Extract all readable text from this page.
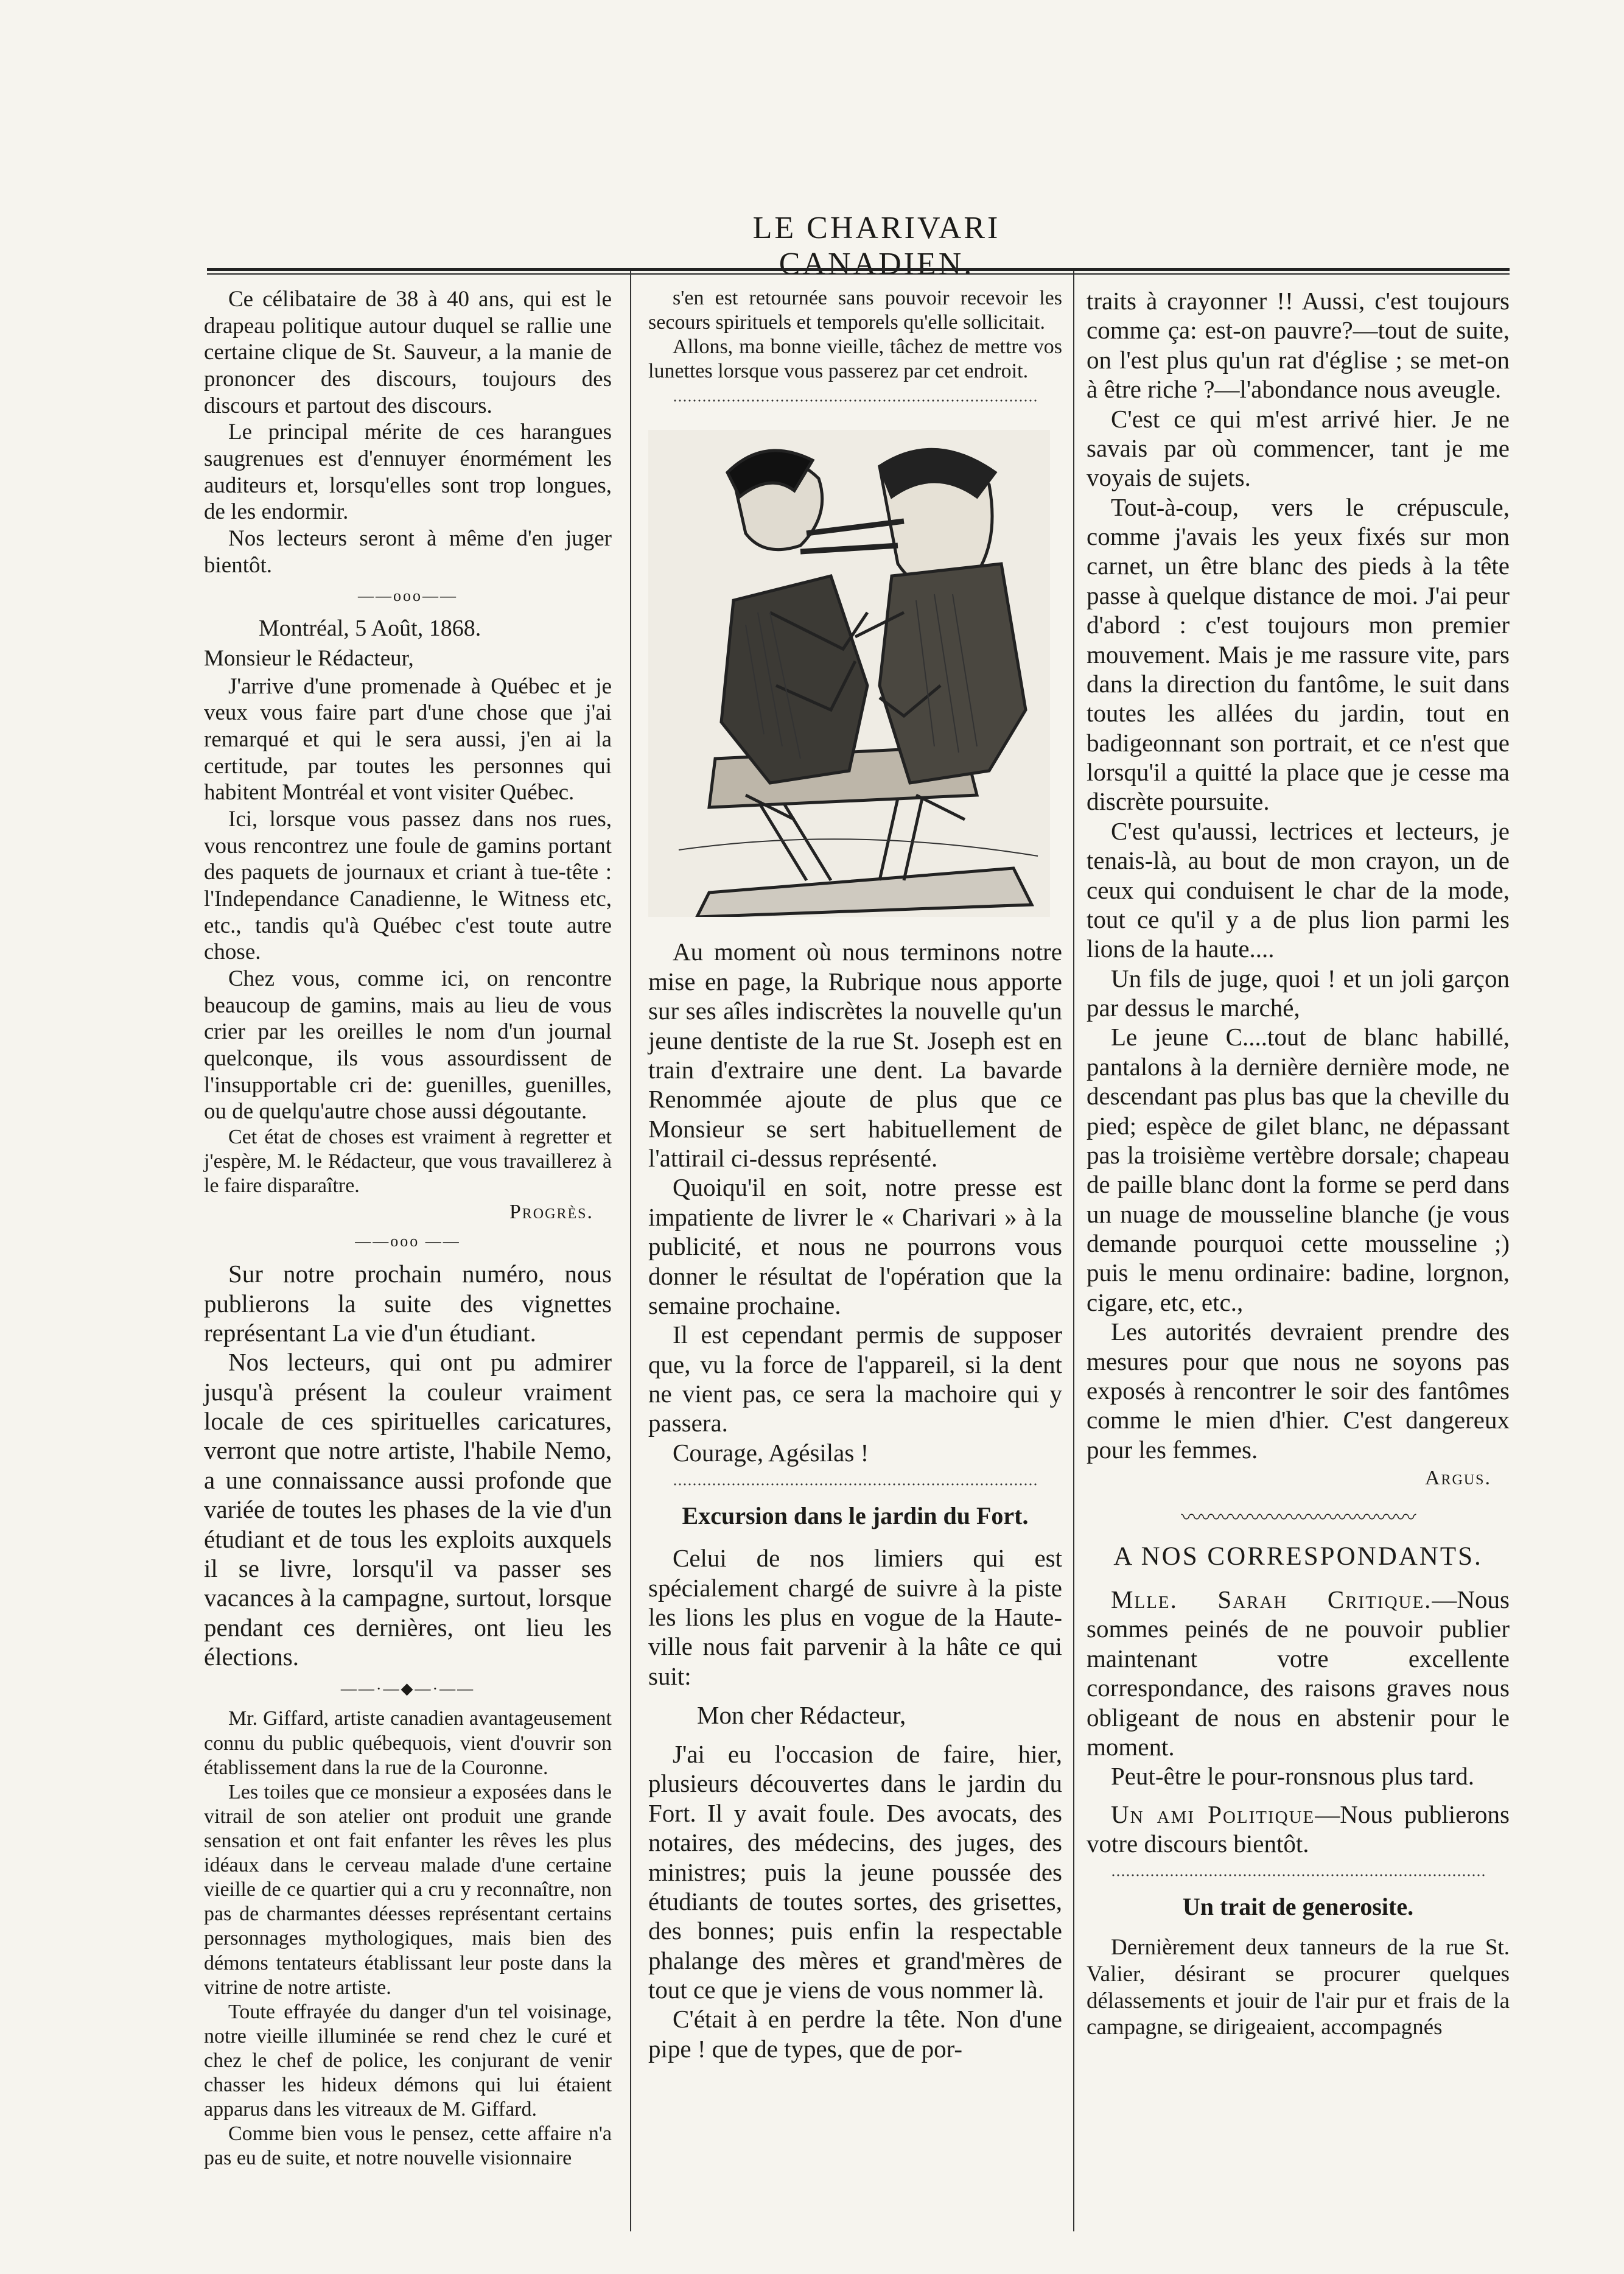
LE CHARIVARI CANADIEN.

Ce célibataire de 38 à 40 ans, qui est le drapeau politique autour duquel se rallie une certaine clique de St. Sauveur, a la manie de prononcer des discours, toujours des discours et partout des discours.

Le principal mérite de ces harangues saugrenues est d'ennuyer énormément les auditeurs et, lorsqu'elles sont trop longues, de les endormir.

Nos lecteurs seront à même d'en juger bientôt.

——ooo——

Montréal, 5 Août, 1868.

Monsieur le Rédacteur,

J'arrive d'une promenade à Québec et je veux vous faire part d'une chose que j'ai remarqué et qui le sera aussi, j'en ai la certitude, par toutes les personnes qui habitent Montréal et vont visiter Québec.

Ici, lorsque vous passez dans nos rues, vous rencontrez une foule de gamins portant des paquets de journaux et criant à tue-tête : l'Independance Canadienne, le Witness etc, etc., tandis qu'à Québec c'est toute autre chose.

Chez vous, comme ici, on rencontre beaucoup de gamins, mais au lieu de vous crier par les oreilles le nom d'un journal quelconque, ils vous assourdissent de l'insupportable cri de: guenilles, guenilles, ou de quelqu'autre chose aussi dégoutante.

Cet état de choses est vraiment à regretter et j'espère, M. le Rédacteur, que vous travaillerez à le faire disparaître.

Progrès.
——ooo ——

Sur notre prochain numéro, nous publierons la suite des vignettes représentant La vie d'un étudiant.

Nos lecteurs, qui ont pu admirer jusqu'à présent la couleur vraiment locale de ces spirituelles caricatures, verront que notre artiste, l'habile Nemo, a une connaissance aussi profonde que variée de toutes les phases de la vie d'un étudiant et de tous les exploits auxquels il se livre, lorsqu'il va passer ses vacances à la campagne, surtout, lorsque pendant ces dernières, ont lieu les élections.

——·—◆—·——

Mr. Giffard, artiste canadien avantageusement connu du public québequois, vient d'ouvrir son établissement dans la rue de la Couronne.

Les toiles que ce monsieur a exposées dans le vitrail de son atelier ont produit une grande sensation et ont fait enfanter les rêves les plus idéaux dans le cerveau malade d'une certaine vieille de ce quartier qui a cru y reconnaître, non pas de charmantes déesses représentant certains personnages mythologiques, mais bien des démons tentateurs établissant leur poste dans la vitrine de notre artiste.

Toute effrayée du danger d'un tel voisinage, notre vieille illuminée se rend chez le curé et chez le chef de police, les conjurant de venir chasser les hideux démons qui lui étaient apparus dans les vitreaux de M. Giffard.

Comme bien vous le pensez, cette affaire n'a pas eu de suite, et notre nouvelle visionnaire

s'en est retournée sans pouvoir recevoir les secours spirituels et temporels qu'elle sollicitait.

Allons, ma bonne vieille, tâchez de mettre vos lunettes lorsque vous passerez par cet endroit.

Au moment où nous terminons notre mise en page, la Rubrique nous apporte sur ses aîles indiscrètes la nouvelle qu'un jeune dentiste de la rue St. Joseph est en train d'extraire une dent. La bavarde Renommée ajoute de plus que ce Monsieur se sert habituellement de l'attirail ci-dessus représenté.

Quoiqu'il en soit, notre presse est impatiente de livrer le « Charivari » à la publicité, et nous ne pourrons vous donner le résultat de l'opération que la semaine prochaine.

Il est cependant permis de supposer que, vu la force de l'appareil, si la dent ne vient pas, ce sera la machoire qui y passera.

Courage, Agésilas !

Excursion dans le jardin du Fort.

Celui de nos limiers qui est spécialement chargé de suivre à la piste les lions les plus en vogue de la Haute-ville nous fait parvenir à la hâte ce qui suit:

Mon cher Rédacteur,

J'ai eu l'occasion de faire, hier, plusieurs découvertes dans le jardin du Fort. Il y avait foule. Des avocats, des notaires, des médecins, des juges, des ministres; puis la jeune poussée des étudiants de toutes sortes, des grisettes, des bonnes; puis enfin la respectable phalange des mères et grand'mères de tout ce que je viens de vous nommer là.

C'était à en perdre la tête. Non d'une pipe ! que de types, que de por-

traits à crayonner !! Aussi, c'est toujours comme ça: est-on pauvre?—tout de suite, on l'est plus qu'un rat d'église ; se met-on à être riche ?—l'abondance nous aveugle.

C'est ce qui m'est arrivé hier. Je ne savais par où commencer, tant je me voyais de sujets.

Tout-à-coup, vers le crépuscule, comme j'avais les yeux fixés sur mon carnet, un être blanc des pieds à la tête passe à quelque distance de moi. J'ai peur d'abord : c'est toujours mon premier mouvement. Mais je me rassure vite, pars dans la direction du fantôme, le suit dans toutes les allées du jardin, tout en badigeonnant son portrait, et ce n'est que lorsqu'il a quitté la place que je cesse ma discrète poursuite.

C'est qu'aussi, lectrices et lecteurs, je tenais-là, au bout de mon crayon, un de ceux qui conduisent le char de la mode, tout ce qu'il y a de plus lion parmi les lions de la haute....

Un fils de juge, quoi ! et un joli garçon par dessus le marché,

Le jeune C....tout de blanc habillé, pantalons à la dernière dernière mode, ne descendant pas plus bas que la cheville du pied; espèce de gilet blanc, ne dépassant pas la troisième vertèbre dorsale; chapeau de paille blanc dont la forme se perd dans un nuage de mousseline blanche (je vous demande pourquoi cette mousseline ;) puis le menu ordinaire: badine, lorgnon, cigare, etc, etc.,

Les autorités devraient prendre des mesures pour que nous ne soyons pas exposés à rencontrer le soir des fantômes comme le mien d'hier. C'est dangereux pour les femmes.

Argus.
〰〰〰〰〰〰〰〰〰〰〰〰
A NOS CORRESPONDANTS.

Mlle. Sarah Critique.—Nous sommes peinés de ne pouvoir publier maintenant votre excellente correspondance, des raisons graves nous obligeant de nous en abstenir pour le moment.

Peut-être le pour-ronsnous plus tard.

Un ami Politique—Nous publierons votre discours bientôt.

Un trait de generosite.

Dernièrement deux tanneurs de la rue St. Valier, désirant se procurer quelques délassements et jouir de l'air pur et frais de la campagne, se dirigeaient, accompagnés
